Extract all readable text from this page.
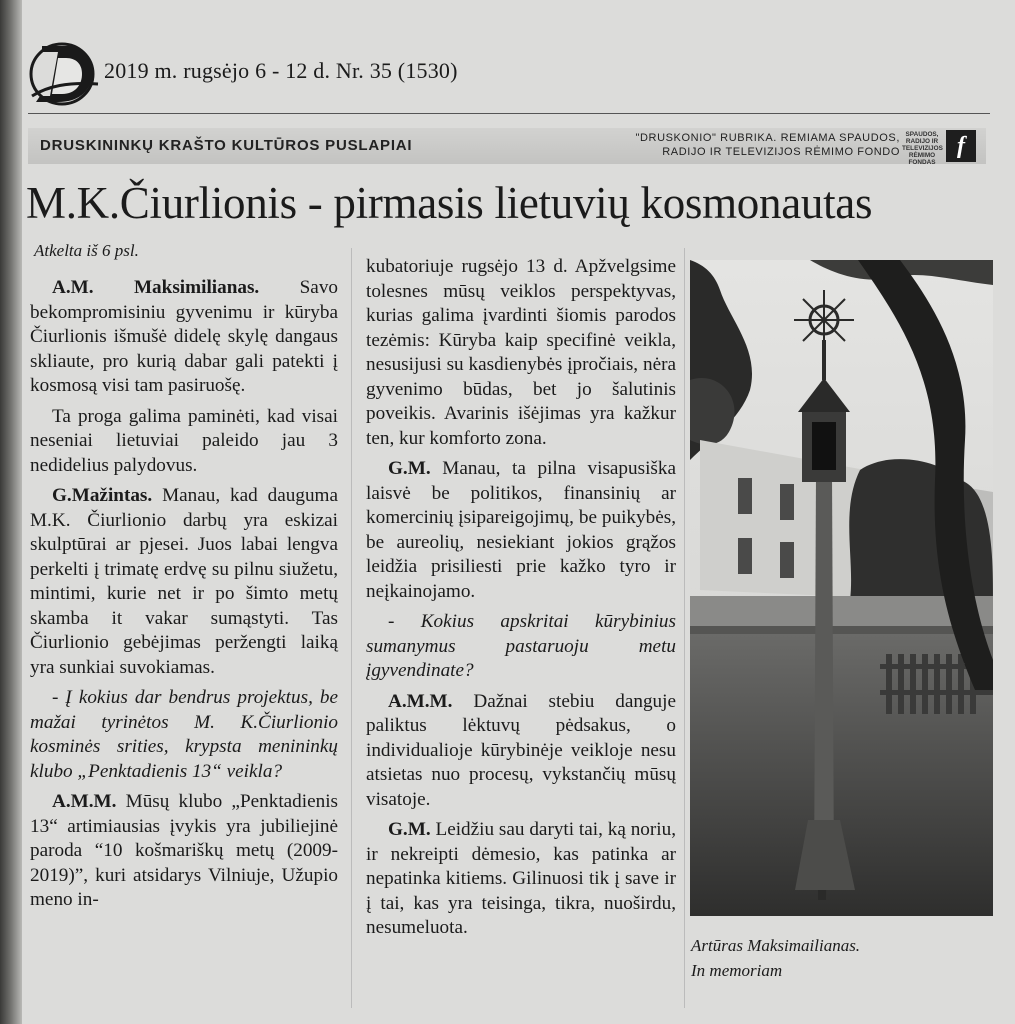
2019 m. rugsėjo 6 - 12 d. Nr. 35 (1530)
DRUSKININKŲ KRAŠTO KULTŪROS PUSLAPIAI	"DRUSKONIO" RUBRIKA. REMIAMA SPAUDOS,
RADIJO IR TELEVIZIJOS RĖMIMO FONDO
SPAUDOS,
RADIJO IR
TELEVIZIJOS
RĖMIMO
FONDAS
f
M.K.Čiurlionis - pirmasis lietuvių kosmonautas
Atkelta iš 6 psl.

A.M. Maksimilianas. Savo bekompromisiniu gyvenimu ir kūryba Čiurlionis išmušė didelę skylę dangaus skliaute, pro kurią dabar gali patekti į kosmosą visi tam pasiruošę.

Ta proga galima paminėti, kad visai neseniai lietuviai paleido jau 3 nedidelius palydovus.

G.Mažintas. Manau, kad dauguma M.K. Čiurlionio darbų yra eskizai skulptūrai ar pjesei. Juos labai lengva perkelti į trimatę erdvę su pilnu siužetu, mintimi, kurie net ir po šimto metų skamba it vakar sumąstyti. Tas Čiurlionio gebėjimas peržengti laiką yra sunkiai suvokiamas.

- Į kokius dar bendrus projektus, be mažai tyrinėtos M. K.Čiurlionio kosminės srities, krypsta menininkų klubo „Penktadienis 13“ veikla?

A.M.M. Mūsų klubo „Penktadienis 13“ artimiausias įvykis yra jubiliejinė paroda “10 košmariškų metų (2009-2019)”, kuri atsidarys Vilniuje, Užupio meno in-

kubatoriuje rugsėjo 13 d. Apžvelgsime tolesnes mūsų veiklos perspektyvas, kurias galima įvardinti šiomis parodos tezėmis: Kūryba kaip specifinė veikla, nesusijusi su kasdienybės įpročiais, nėra gyvenimo būdas, bet jo šalutinis poveikis. Avarinis išėjimas yra kažkur ten, kur komforto zona.

G.M. Manau, ta pilna visapusiška laisvė be politikos, finansinių ar komercinių įsipareigojimų, be puikybės, be aureolių, nesiekiant jokios grąžos leidžia prisiliesti prie kažko tyro ir neįkainojamo.

- Kokius apskritai kūrybinius sumanymus pastaruoju metu įgyvendinate?

A.M.M. Dažnai stebiu danguje paliktus lėktuvų pėdsakus, o individualioje kūrybinėje veikloje nesu atsietas nuo procesų, vykstančių mūsų visatoje.

G.M. Leidžiu sau daryti tai, ką noriu, ir nekreipti dėmesio, kas patinka ar nepatinka kitiems. Gilinuosi tik į save ir į tai, kas yra teisinga, tikra, nuoširdu, nesumeluota.

Artūras Maksimailianas.
In memoriam
